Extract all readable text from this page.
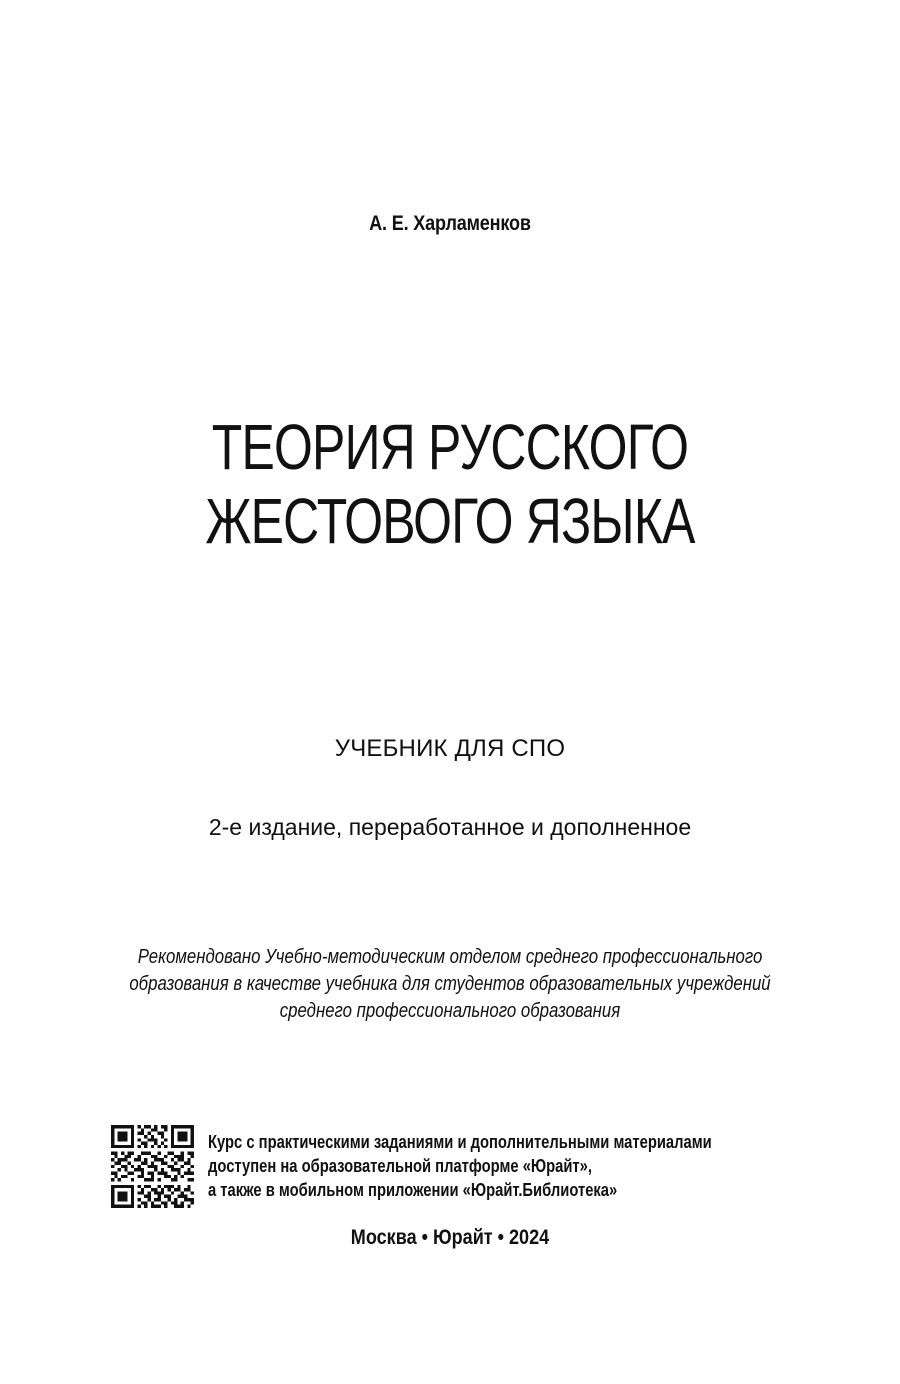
А. Е. Харламенков
ТЕОРИЯ РУССКОГО
ЖЕСТОВОГО ЯЗЫКА
УЧЕБНИК ДЛЯ СПО
2-е издание, переработанное и дополненное
Рекомендовано Учебно-методическим отделом среднего профессионального
образования в качестве учебника для студентов образовательных учреждений
среднего профессионального образования
Курс с практическими заданиями и дополнительными материалами
доступен на образовательной платформе «Юрайт»,
а также в мобильном приложении «Юрайт.Библиотека»
Москва • Юрайт • 2024
